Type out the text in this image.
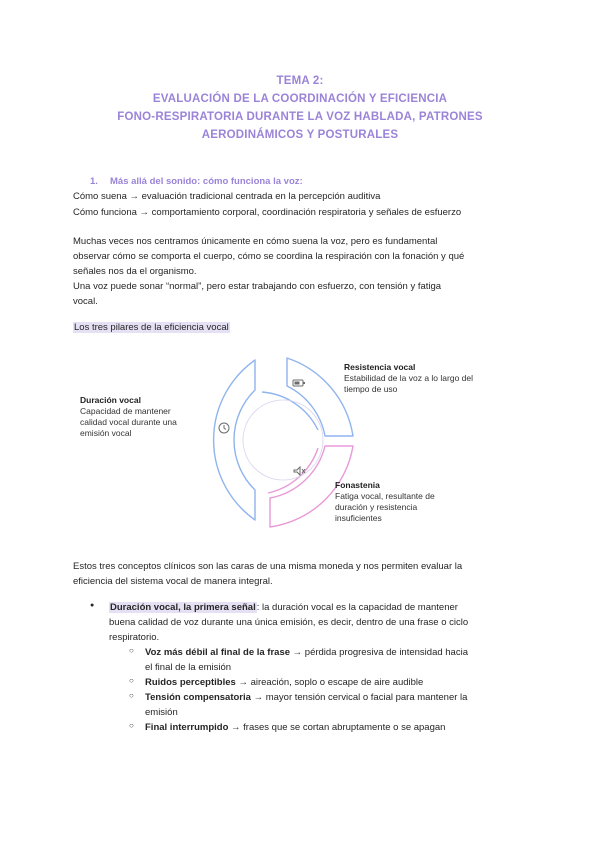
TEMA 2:
EVALUACIÓN DE LA COORDINACIÓN Y EFICIENCIA
FONO-RESPIRATORIA DURANTE LA VOZ HABLADA, PATRONES
AERODINÁMICOS Y POSTURALES
1. Más allá del sonido: cómo funciona la voz:
Cómo suena → evaluación tradicional centrada en la percepción auditiva
Cómo funciona → comportamiento corporal, coordinación respiratoria y señales de esfuerzo
Muchas veces nos centramos únicamente en cómo suena la voz, pero es fundamental
observar cómo se comporta el cuerpo, cómo se coordina la respiración con la fonación y qué
señales nos da el organismo.
Una voz puede sonar “normal”, pero estar trabajando con esfuerzo, con tensión y fatiga
vocal.
Los tres pilares de la eficiencia vocal
Resistencia vocal
Estabilidad de la voz a lo largo del
tiempo de uso
Duración vocal
Capacidad de mantener
calidad vocal durante una
emisión vocal
Fonastenia
Fatiga vocal, resultante de
duración y resistencia
insuficientes
Estos tres conceptos clínicos son las caras de una misma moneda y nos permiten evaluar la
eficiencia del sistema vocal de manera integral.
● Duración vocal, la primera señal: la duración vocal es la capacidad de mantener
buena calidad de voz durante una única emisión, es decir, dentro de una frase o ciclo
respiratorio.
○ Voz más débil al final de la frase → pérdida progresiva de intensidad hacia
el final de la emisión
○ Ruidos perceptibles → aireación, soplo o escape de aire audible
○ Tensión compensatoria → mayor tensión cervical o facial para mantener la
emisión
○ Final interrumpido → frases que se cortan abruptamente o se apagan
